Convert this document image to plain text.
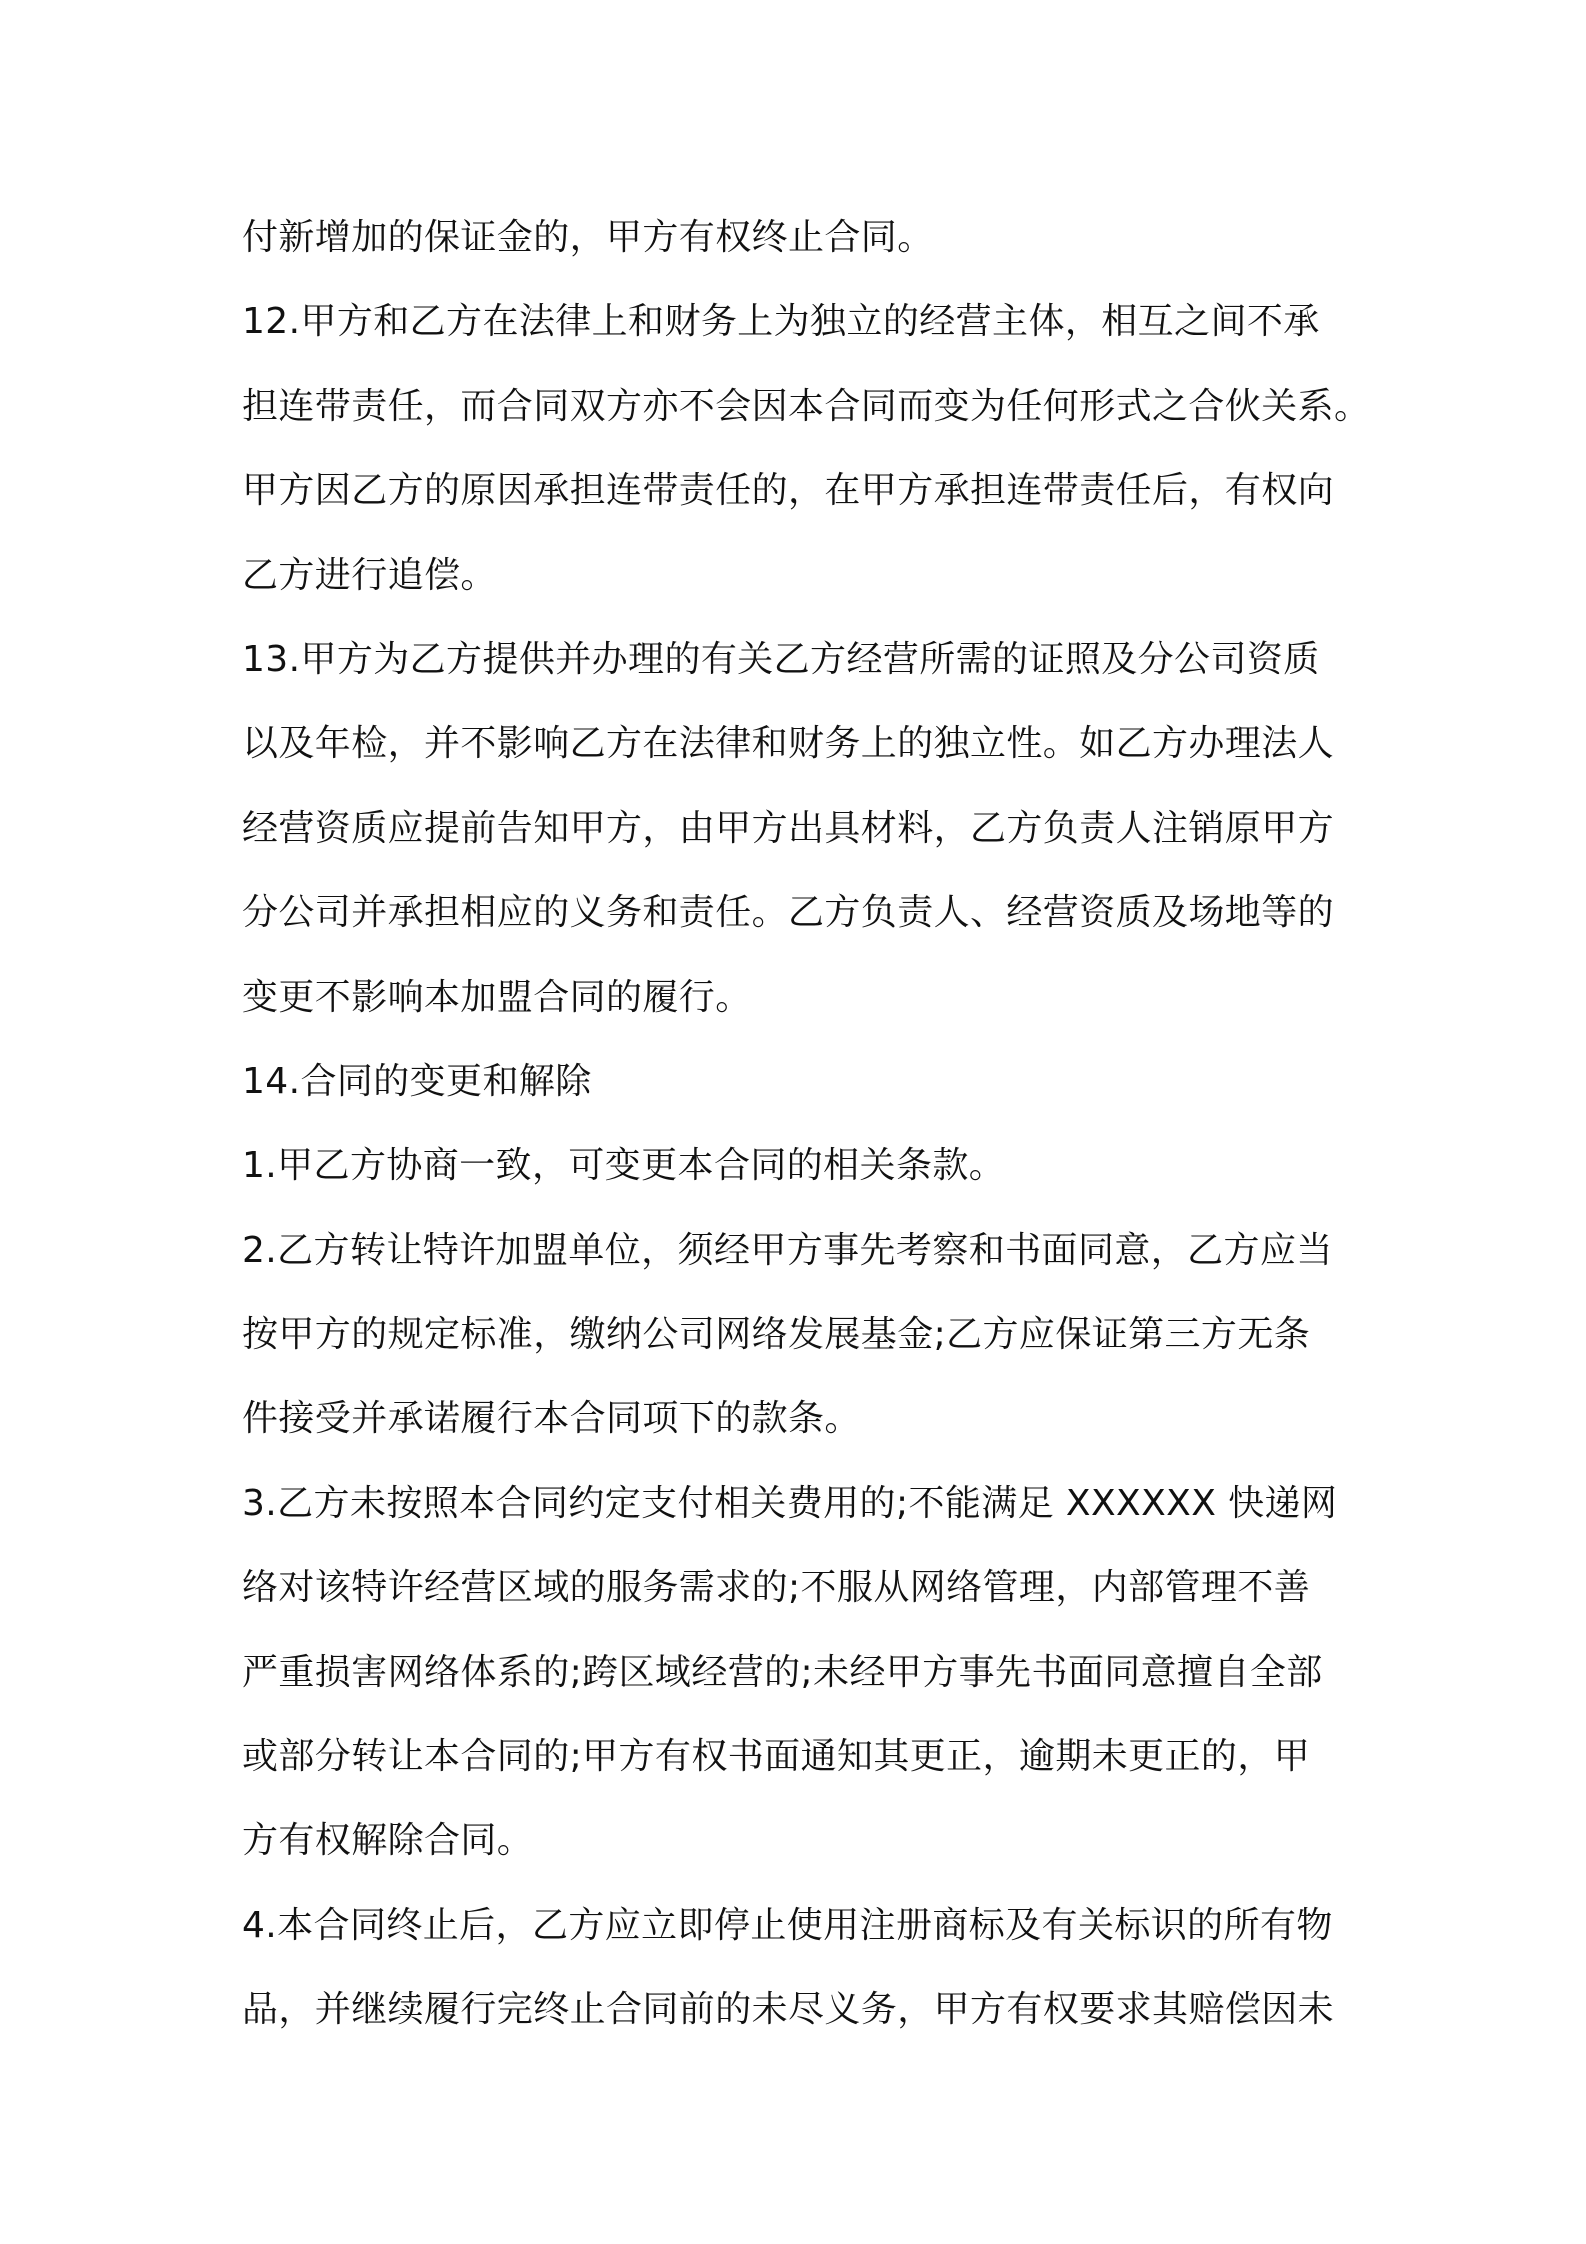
付新增加的保证金的，甲方有权终止合同。
12.甲方和乙方在法律上和财务上为独立的经营主体，相互之间不承
担连带责任，而合同双方亦不会因本合同而变为任何形式之合伙关系。
甲方因乙方的原因承担连带责任的，在甲方承担连带责任后，有权向
乙方进行追偿。
13.甲方为乙方提供并办理的有关乙方经营所需的证照及分公司资质
以及年检，并不影响乙方在法律和财务上的独立性。如乙方办理法人
经营资质应提前告知甲方，由甲方出具材料，乙方负责人注销原甲方
分公司并承担相应的义务和责任。乙方负责人、经营资质及场地等的
变更不影响本加盟合同的履行。
14.合同的变更和解除
1.甲乙方协商一致，可变更本合同的相关条款。
2.乙方转让特许加盟单位，须经甲方事先考察和书面同意，乙方应当
按甲方的规定标准，缴纳公司网络发展基金;乙方应保证第三方无条
件接受并承诺履行本合同项下的款条。
3.乙方未按照本合同约定支付相关费用的;不能满足 XXXXXX 快递网
络对该特许经营区域的服务需求的;不服从网络管理，内部管理不善
严重损害网络体系的;跨区域经营的;未经甲方事先书面同意擅自全部
或部分转让本合同的;甲方有权书面通知其更正，逾期未更正的，甲
方有权解除合同。
4.本合同终止后，乙方应立即停止使用注册商标及有关标识的所有物
品，并继续履行完终止合同前的未尽义务，甲方有权要求其赔偿因未
